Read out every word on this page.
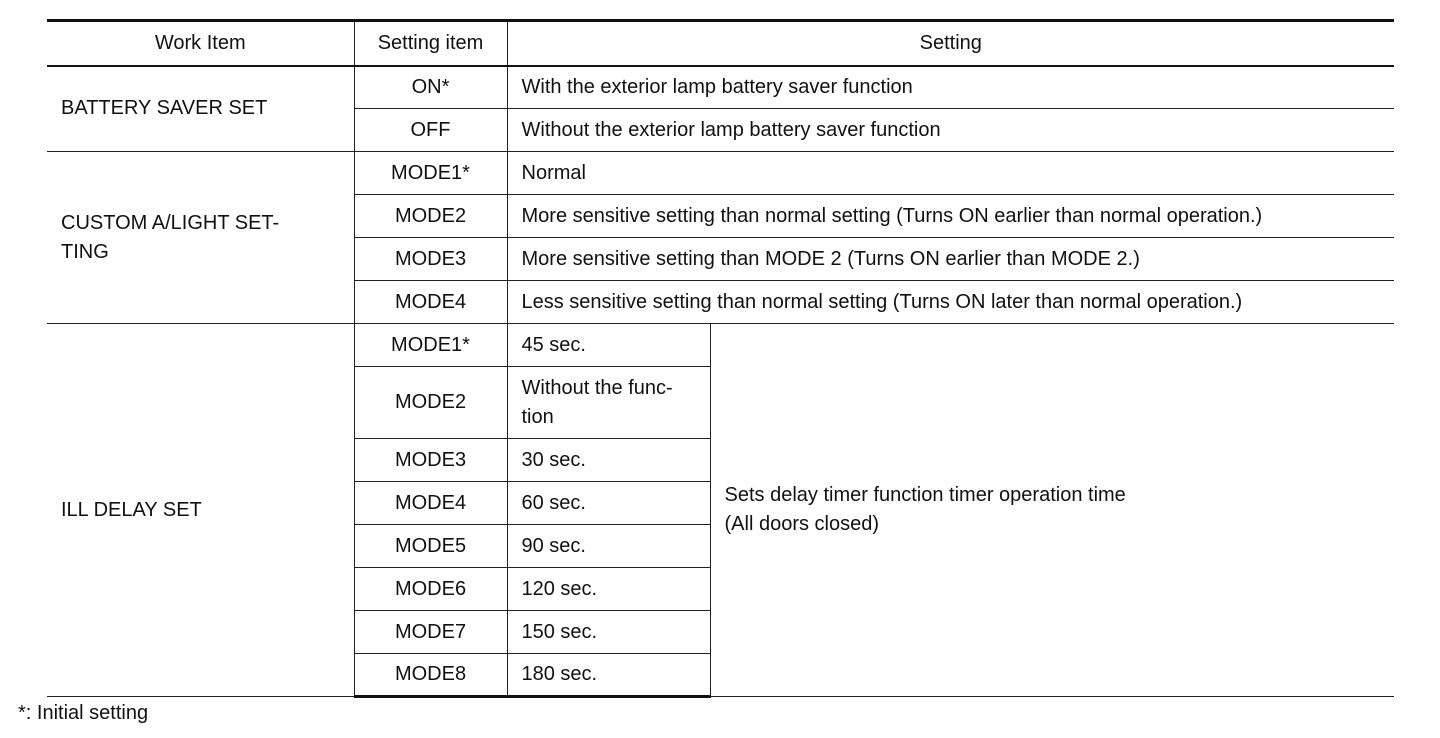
Work Item	Setting item	Setting	
BATTERY SAVER SET	ON*	With the exterior lamp battery saver function	
	OFF	Without the exterior lamp battery saver function	
CUSTOM A/LIGHT SET-
TING	MODE1*	Normal	
	MODE2	More sensitive setting than normal setting (Turns ON earlier than normal operation.)	
	MODE3	More sensitive setting than MODE 2 (Turns ON earlier than MODE 2.)	
	MODE4	Less sensitive setting than normal setting (Turns ON later than normal operation.)	
ILL DELAY SET	MODE1*	45 sec.	Sets delay timer function timer operation time
(All doors closed)
	MODE2	Without the func-
tion	
	MODE3	30 sec.	
	MODE4	60 sec.	
	MODE5	90 sec.	
	MODE6	120 sec.	
	MODE7	150 sec.	
	MODE8	180 sec.	
*: Initial setting
